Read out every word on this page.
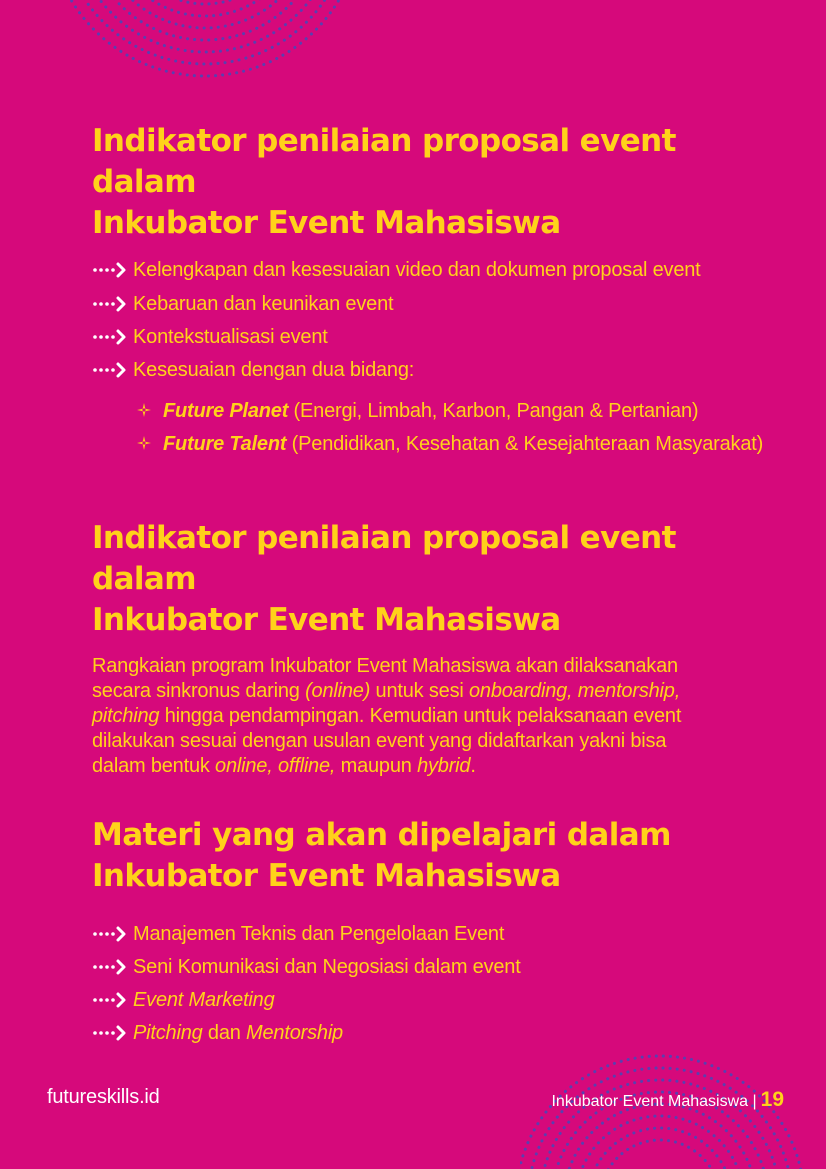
Indikator penilaian proposal event dalam
Inkubator Event Mahasiswa
Kelengkapan dan kesesuaian video dan dokumen proposal event
Kebaruan dan keunikan event
Kontekstualisasi event
Kesesuaian dengan dua bidang:
Future Planet (Energi, Limbah, Karbon, Pangan & Pertanian)
Future Talent (Pendidikan, Kesehatan & Kesejahteraan Masyarakat)
Indikator penilaian proposal event dalam
Inkubator Event Mahasiswa

Rangkaian program Inkubator Event Mahasiswa akan dilaksanakan secara sinkronus daring (online) untuk sesi onboarding, mentorship, pitching hingga pendampingan. Kemudian untuk pelaksanaan event dilakukan sesuai dengan usulan event yang didaftarkan yakni bisa dalam bentuk online, offline, maupun hybrid.

Materi yang akan dipelajari dalam
Inkubator Event Mahasiswa
Manajemen Teknis dan Pengelolaan Event
Seni Komunikasi dan Negosiasi dalam event
Event Marketing
Pitching dan Mentorship
futureskills.id	Inkubator Event Mahasiswa | 19
